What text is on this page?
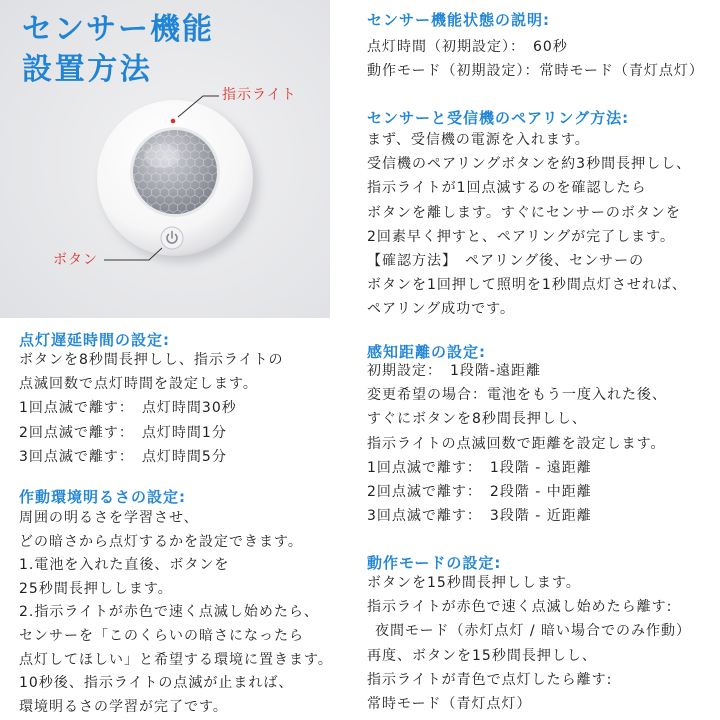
センサー機能
設置方法
指示ライト
ボタン
センサー機能状態の説明:
点灯時間（初期設定）：　60秒
動作モード（初期設定）：常時モード（青灯点灯）
センサーと受信機のペアリング方法:
まず、受信機の電源を入れます。
受信機のペアリングボタンを約3秒間長押しし、
指示ライトが1回点滅するのを確認したら
ボタンを離します。すぐにセンサーのボタンを
2回素早く押すと、ペアリングが完了します。
【確認方法】　ペアリング後、センサーの
ボタンを1回押して照明を1秒間点灯させれば、
ペアリング成功です。
感知距離の設定:
初期設定：　1段階-遠距離
変更希望の場合：電池をもう一度入れた後、
すぐにボタンを8秒間長押しし、
指示ライトの点滅回数で距離を設定します。
1回点滅で離す：　1段階 - 遠距離
2回点滅で離す：　2段階 - 中距離
3回点滅で離す：　3段階 - 近距離
動作モードの設定:
ボタンを15秒間長押しします。
指示ライトが赤色で速く点滅し始めたら離す:
夜間モード（赤灯点灯 / 暗い場合でのみ作動）
再度、ボタンを15秒間長押しし、
指示ライトが青色で点灯したら離す:
常時モード（青灯点灯）
点灯遅延時間の設定:
ボタンを8秒間長押しし、指示ライトの
点滅回数で点灯時間を設定します。
1回点滅で離す：　点灯時間30秒
2回点滅で離す：　点灯時間1分
3回点滅で離す：　点灯時間5分
作動環境明るさの設定:
周囲の明るさを学習させ、
どの暗さから点灯するかを設定できます。
1.電池を入れた直後、ボタンを
25秒間長押しします。
2.指示ライトが赤色で速く点滅し始めたら、
センサーを「このくらいの暗さになったら
点灯してほしい」と希望する環境に置きます。
10秒後、指示ライトの点滅が止まれば、
環境明るさの学習が完了です。
